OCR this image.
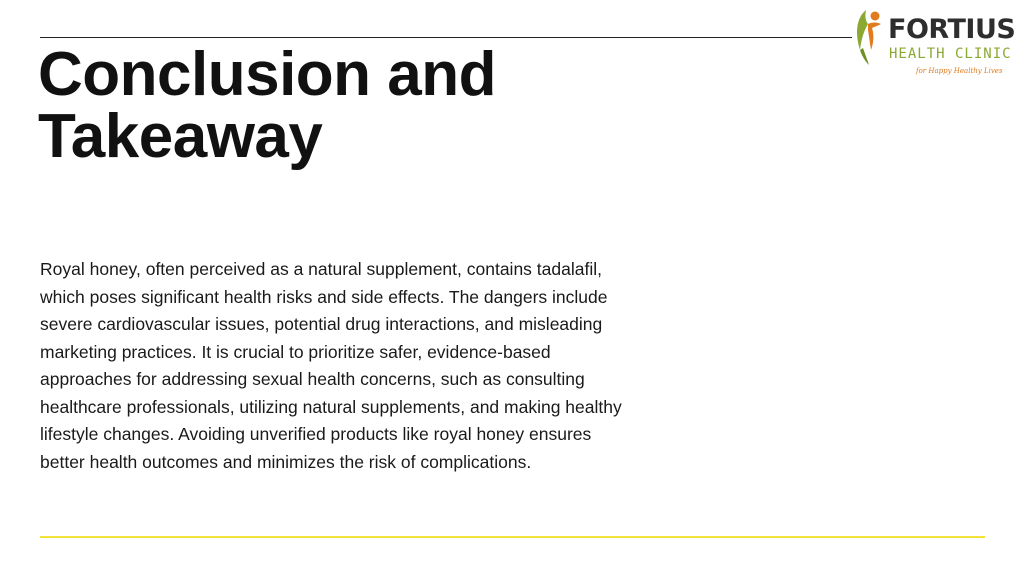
Conclusion and
Takeaway

Royal honey, often perceived as a natural supplement, contains tadalafil, which poses significant health risks and side effects. The dangers include severe cardiovascular issues, potential drug interactions, and misleading marketing practices. It is crucial to prioritize safer, evidence-based approaches for addressing sexual health concerns, such as consulting healthcare professionals, utilizing natural supplements, and making healthy lifestyle changes. Avoiding unverified products like royal honey ensures better health outcomes and minimizes the risk of complications.

FORTIUS
HEALTH CLINIC
for Happy Healthy Lives
